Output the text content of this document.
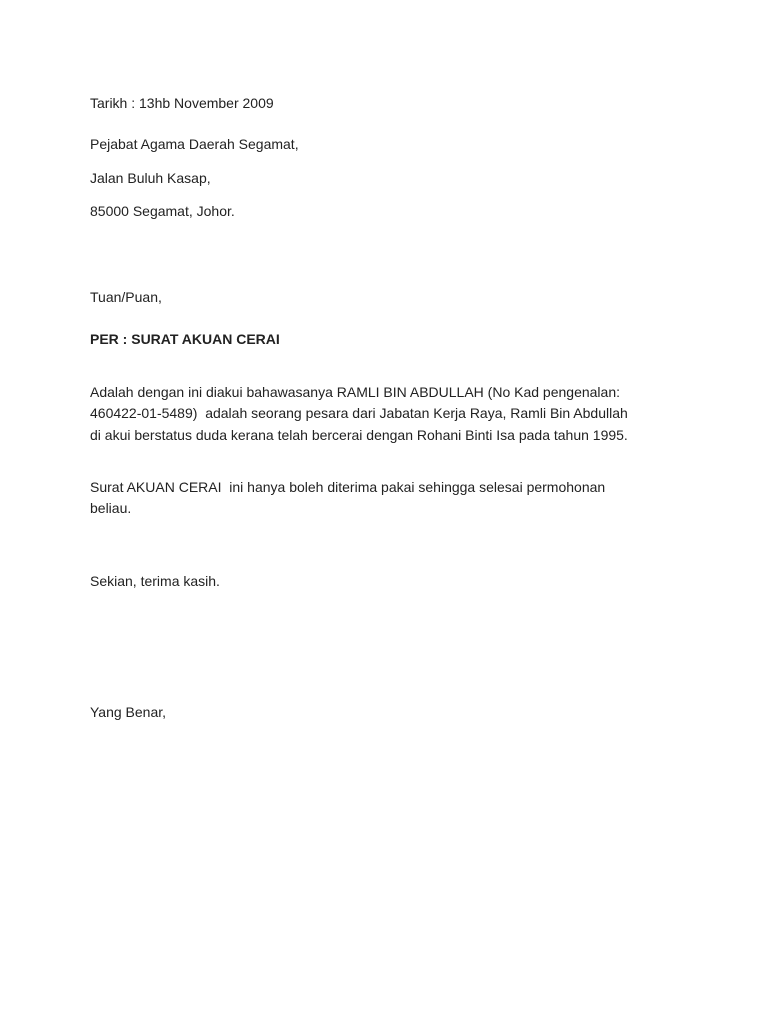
Tarikh : 13hb November 2009
Pejabat Agama Daerah Segamat,
Jalan Buluh Kasap,
85000 Segamat, Johor.
Tuan/Puan,
PER : SURAT AKUAN CERAI
Adalah dengan ini diakui bahawasanya RAMLI BIN ABDULLAH (No Kad pengenalan:
460422-01-5489)  adalah seorang pesara dari Jabatan Kerja Raya, Ramli Bin Abdullah
di akui berstatus duda kerana telah bercerai dengan Rohani Binti Isa pada tahun 1995.
Surat AKUAN CERAI  ini hanya boleh diterima pakai sehingga selesai permohonan
beliau.
Sekian, terima kasih.
Yang Benar,
